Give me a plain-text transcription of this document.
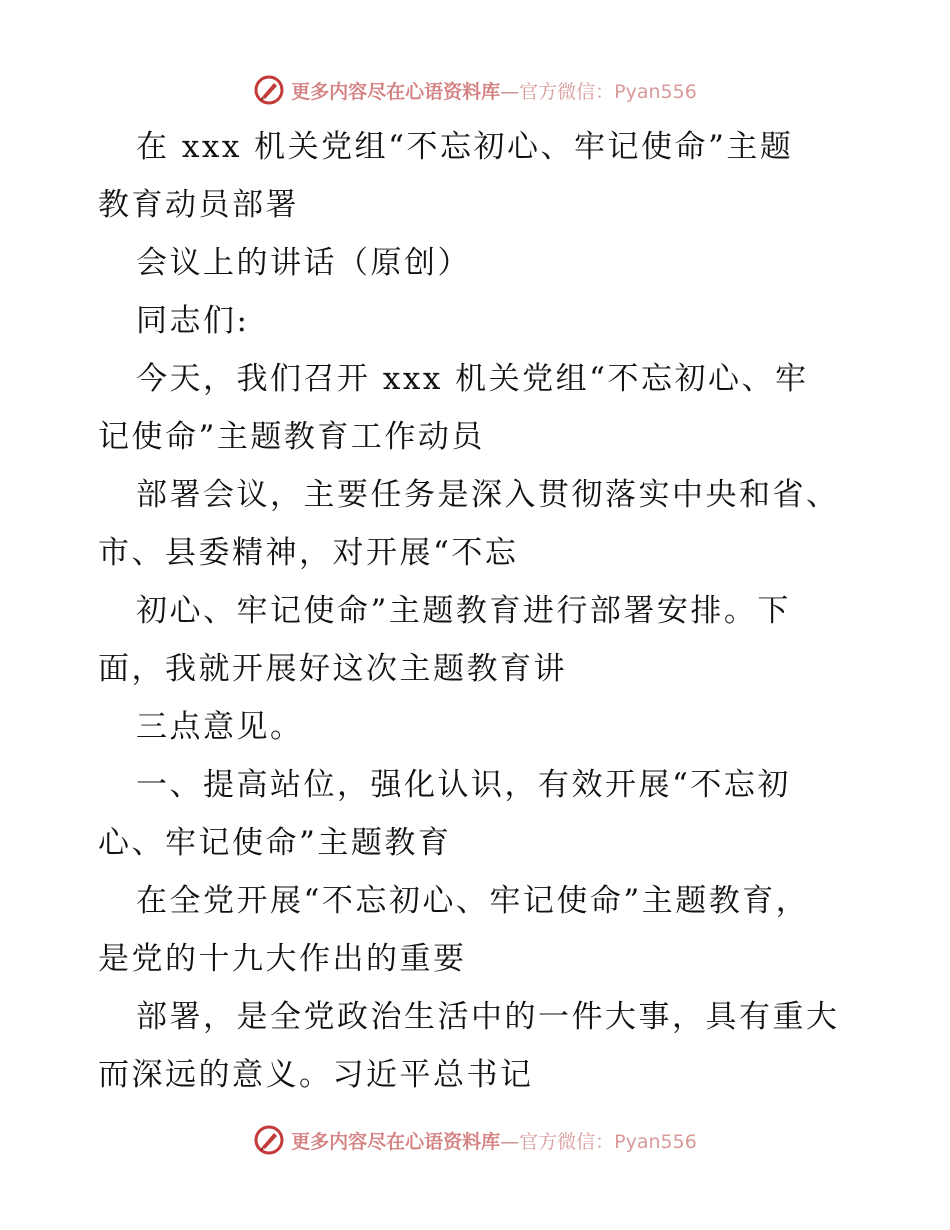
更多内容尽在心语资料库—官方微信：Pyan556
在 xxx 机关党组“不忘初心、牢记使命”主题
教育动员部署
会议上的讲话（原创）
同志们:
今天，我们召开 xxx 机关党组“不忘初心、牢
记使命”主题教育工作动员
部署会议，主要任务是深入贯彻落实中央和省、
市、县委精神，对开展“不忘
初心、牢记使命”主题教育进行部署安排。下
面，我就开展好这次主题教育讲
三点意见。
一、提高站位，强化认识，有效开展“不忘初
心、牢记使命”主题教育
在全党开展“不忘初心、牢记使命”主题教育，
是党的十九大作出的重要
部署，是全党政治生活中的一件大事，具有重大
而深远的意义。习近平总书记
更多内容尽在心语资料库—官方微信：Pyan556
